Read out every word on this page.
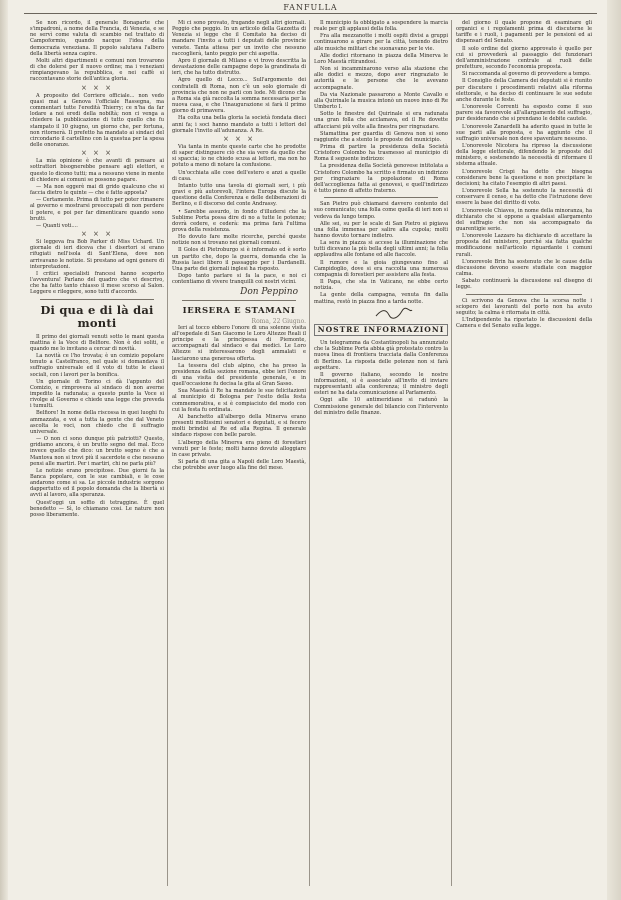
FANFULLA

Se non ricordo, il generale Bonaparte che s'impadronì, a nome della Francia, di Venezia, e se ne servì come valuta di scambio nel trattato di Campoformio, quando nacque l'idea della democrazia veneziana. Il popolo salutava l'albero della libertà senza capire.

Molti altri dipartimenti e comuni non trovarono di che dolersi per il nuovo ordine; ma i veneziani rimpiangevano la repubblica, e nei caffè si raccontavano storie dell'antica gloria.

× × ×

A proposito del Corriere officiale... non vedo quasi mai a Genova l'officiale Rassegna, ma commentari tutte l'eredità Thierry; ce n'ha da far lodare a noi eredi della nobiltà; non ci venga a chiedere la pubblicazione di tutto quello che fu stampato il 10 giugno, un giorno che, per fortuna, non ritornerà. Il prefetto ha mandato ai sindaci del circondario il cartellino con la questua per la spesa delle onoranze.

× × ×

La mia opinione è che avanti di pensare ai sottrattori bisognerebbe pensare agli elettori, e questo lo dicono tutti; ma a nessuno viene in mente di chiedere ai comuni se possono pagare.

— Ma non eggerè mai di grido qualcuno che si faccia dietro le quinte — che è fatto apposta?

— Certamente. Prima di tutto per poter rimanere al governo e mostrarsi preoccupati di non perdere il potere, e poi per far dimenticare quando sono brutti.

— Quanti voti....

× × ×

Si leggeva fra Bob Parker di Miss Uchard. Un giornale di ieri diceva che i disertori si erano rifugiati nell'isola di Sant'Elena, dove non arrivavano le notizie. Si prestano ad ogni genere di interpretazioni.

I critici specialisti francesi hanno scoperto l'avventura! Parlano del quadro che vi descrivo, che ha fatto tanto chiasso il mese scorso al Salon. Leggere e rileggere, sono tutti d'accordo.

Di qua e di là dai monti

Il primo dei giornali venuti sotto le mani questa mattina è la Voce di Belfiore. Non è dei soliti, e quando me lo invitano a cercar di novità.

La novità ce l'ho trovata; è un comizio popolare tenuto a Castelfranco, nel quale si domandava il suffragio universale ed il voto di tutte le classi sociali, con i lavori per la bonifica.

Un giornale di Torino ci dà l'appunto del Comizio, e rimprovera al sindaco di non averne impedito la radunata; a questo punto la Voce si rivolge al Governo e chiede una legge che preveda i tumulti.

Belfiore! In nome della riscossa in quei luoghi fu ammazzata, e voi a tutta la gente che dal Veneto ascolta le voci, non chiedo che il suffragio universale.

— O non ci sono dunque più patriotti? Questo, gridiamo ancora, è un brutto segno del mal. Ecco invece quello che dico: un brutto segno è che a Mantova non si trovi più il sacerdote e che nessuno pensi alle martiri. Per i martiri, chi ne parla più?

Le notizie erano precipitose. Due giorni fa la Banca popolare, con le sue cambiali, e le cose andarono come si sa. Le piccole industrie sorgono dappertutto ed il popolo domanda che la libertà si avvii al lavoro, alla speranza.

Quest'oggi un soffio di tetraggine. È quel benedetto — Sì, lo chiamano cosi. Le nature non posso liberamente.

Mi ci sono provato, frugando negli altri giornali. Peggio che peggio. In un articolo della Gazzetta di Venezia si legge che il Comitato ha deciso di mandare l'invito a tutti i deputati delle provincie venete. Tanta attesa per un invito che nessuno raccoglierà, tanto peggio per chi aspetta.

Apro il giornale di Milano e vi trovo descritta la devastazione delle campagne dopo la grandinata di ieri, che ha tutto distrutto.

Agro quello di Lecco... Sull'argomento dei confratelli di Roma, non c'è un solo giornale di provincia che non ne parli con lode. Mi dicono che a Roma sia già raccolta la somma necessaria per la nuova casa, e che l'inaugurazione si farà il primo giorno di primavera.

Ha colta una bella gloria la società fondata dieci anni fa; i soci hanno mandato a tutti i lettori del giornale l'invito all'adunanza. A Re.

× × ×

Via tanta in mente queste carte che ho prodotte di saper distinguere ciò che sia vero da quello che si spaccia; io ne chiedo scusa ai lettori, ma non ho potuto a meno di notare la confusione.

Un'occhiata alle cose dell'estero e anzi a quelle di casa.

Intanto tutto una tavola di giornali seri, i più gravi e più autorevoli, l'intera Europa discute la questione della Conferenza e delle deliberazioni di Berlino, e il discorso del conte Andrassy.

• Sarebbe assurdo, in fondo d'illudersi che la Sublime Porta possa dire di no a tutte le potenze; dovrà cedere, e cederà: ma prima farà l'ultima prova della resistenza.

Ho dovuto fare molte ricerche, perché queste notizie non si trovano nei giornali comuni.

Il Golos di Pietroburgo si è informato ed è sorto un partito che, dopo la guerra, domanda che la Russia lasci libero il passaggio per i Dardanelli. Una parte dei giornali inglesi ha risposto.

Dopo tanto parlare si fa la pace, e noi ci contentiamo di vivere tranquilli coi nostri vicini.

Don Peppino
IERSERA E STAMANI
Roma, 22 Giugno.

Ieri al tocco ebbero l'onore di una solenne visita all'ospedale di San Giacomo le Loro Altezze Reali il principe e la principessa di Piemonte, accompagnati dal sindaco e dai medici. Le Loro Altezze si interessarono degli ammalati e lasciarono una generosa offerta.

La tessera del club alpino, che ha preso la presidenza della sezione romana, ebbe ieri l'onore di una visita del presidente generale, e in quell'occasione fu decisa la gita al Gran Sasso.

Sua Maestà il Re ha mandato le sue felicitazioni al municipio di Bologna per l'esito della festa commemorativa, e si è compiaciuto del modo con cui la festa fu ordinata.

Al banchetto all'albergo della Minerva erano presenti moltissimi senatori e deputati, e si fecero molti brindisi al Re ed alla Regina. Il generale sindaco rispose con belle parole.

L'albergo della Minerva era pieno di forestieri venuti per le feste; molti hanno dovuto alloggiare in case private.

Si parla di una gita a Napoli delle Loro Maestà, che potrebbe aver luogo alla fine del mese.

Il municipio fa obbligato a sospendere la marcia reale per gli applausi della folla.

Fra alla mezzanotte i molti ospiti divisi a gruppi continuarono a girare per la città, tenendo dietro alle musiche militari che suonavano per le vie.

Alle dodici ritornano in piazza della Minerva le Loro Maestà ritirandosi.

Non si incamminarono verso alla stazione che alle dodici e mezzo, dopo aver ringraziato le autorità e le persone che le avevano accompagnate.

Da via Nazionale passarono a Monte Cavallo e alla Quirinale la musica intonò un nuovo inno di Re Umberto I.

Sotto le finestre del Quirinale si era radunata una gran folla che acclamava, ed il Re dovette affacciarsi più volte alla finestra per ringraziare.

Stamattina per guardia di Genova non si sono raggiunte che a stento le proposte del municipio.

Prima di partire la presidenza della Società Cristoforo Colombo ha trasmesso al municipio di Roma il seguente indirizzo:

La presidenza della Società genovese intitolata a Cristoforo Colombo ha scritto e firmato un indirizzo per ringraziare la popolazione di Roma dell'accoglienza fatta ai genovesi, e quell'indirizzo è tutto pieno di affetto fraterno.

San Pietro può chiamarsi davvero contento del suo comunicato; una folla come quella di ieri non si vedeva da lungo tempo.

Alle sei, su per le scale di San Pietro si pigiava una folla immensa per salire alla cupola; molti hanno dovuto tornare indietro.

La sera in piazza si accese la illuminazione che tutti dicevano la più bella degli ultimi anni; la folla applaudiva alle fontane ed alle fiaccole.

Il rumore e la gioia giungevano fino al Campidoglio, dove si era raccolta una numerosa compagnia di forestieri per assistere alla festa.

Il Papa, che sta in Vaticano, ne ebbe certo notizia.

La gente della campagna, venuta fin dalla mattina, restò in piazza fino a tarda notte.

NOSTRE INFORMAZIONI

Un telegramma da Costantinopoli ha annunziato che la Sublime Porta abbia già protestato contro la nuova linea di frontiera tracciata dalla Conferenza di Berlino. La risposta delle potenze non si farà aspettare.

Il governo italiano, secondo le nostre informazioni, si è associato all'invito di inviare rappresentanti alla conferenza; il ministro degli esteri ne ha data comunicazione al Parlamento.

Oggi alle 10 antimeridiane si radunò la Commissione generale del bilancio con l'intervento del ministro delle finanze.

del giorno il quale propone di esaminare gli organici e i regolamenti prima di discuterne le tariffe e i ruoli, i pagamenti per le pensioni ed ai dispensari del Senato.

Il solo ordine del giorno approvato è quello per cui si provvederà al passaggio dei funzionari dell'amministrazione centrale ai ruoli delle prefetture, secondo l'economia proposta.

Si raccomanda al governo di provvedere a tempo.

Il Consiglio della Camera dei deputati si è riunito per discutere i procedimenti relativi alla riforma elettorale, e ha deciso di continuare le sue sedute anche durante le feste.

L'onorevole Correnti ha esposto come il suo parere sia favorevole all'allargamento del suffragio, pur desiderando che si prendano le debite cautele.

L'onorevole Zanardelli ha aderito quasi in tutte le sue parti alla proposta, e ha aggiunto che il suffragio universale non deve spaventare nessuno.

L'onorevole Nicotera ha ripreso la discussione della legge elettorale, difendendo le proposte del ministero, e sostenendo la necessità di riformare il sistema attuale.

L'onorevole Crispi ha detto che bisogna considerare bene la questione e non precipitare le decisioni; ha citato l'esempio di altri paesi.

L'onorevole Sella ha sostenuto la necessità di conservare il censo, e ha detto che l'istruzione deve essere la base del diritto di voto.

L'onorevole Chiaves, in nome della minoranza, ha dichiarato che si oppone a qualsiasi allargamento del suffragio che non sia accompagnato da guarentigie serie.

L'onorevole Lazzaro ha dichiarato di accettare la proposta del ministero, purché sia fatta qualche modificazione nell'articolo riguardante i comuni rurali.

L'onorevole Brin ha sostenuto che le cause della discussione devono essere studiate con maggior calma.

Sabato continuerà la discussione sul disegno di legge.

Ci scrivono da Genova che la scorsa notte i sciopero dei lavoranti del porto non ha avuto seguito; la calma è ritornata in città.

L'Indipendente ha riportato le discussioni della Camera e del Senato sulla legge.
